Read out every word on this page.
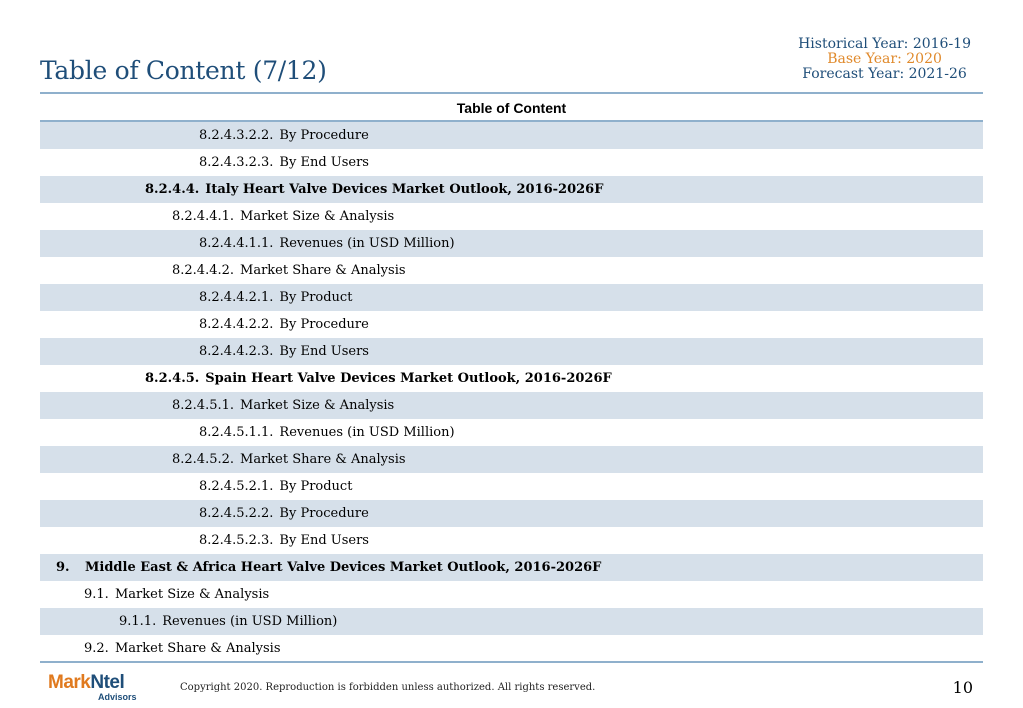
Table of Content (7/12)
Historical Year: 2016-19
Base Year: 2020
Forecast Year: 2021-26
Table of Content
8.2.4.3.2.2. By Procedure
8.2.4.3.2.3. By End Users
8.2.4.4. Italy Heart Valve Devices Market Outlook, 2016-2026F
8.2.4.4.1. Market Size & Analysis
8.2.4.4.1.1. Revenues (in USD Million)
8.2.4.4.2. Market Share & Analysis
8.2.4.4.2.1. By Product
8.2.4.4.2.2. By Procedure
8.2.4.4.2.3. By End Users
8.2.4.5. Spain Heart Valve Devices Market Outlook, 2016-2026F
8.2.4.5.1. Market Size & Analysis
8.2.4.5.1.1. Revenues (in USD Million)
8.2.4.5.2. Market Share & Analysis
8.2.4.5.2.1. By Product
8.2.4.5.2.2. By Procedure
8.2.4.5.2.3. By End Users
9. Middle East & Africa Heart Valve Devices Market Outlook, 2016-2026F
9.1. Market Size & Analysis
9.1.1. Revenues (in USD Million)
9.2. Market Share & Analysis
MarkNtel
Advisors
Copyright 2020. Reproduction is forbidden unless authorized. All rights reserved.	10
